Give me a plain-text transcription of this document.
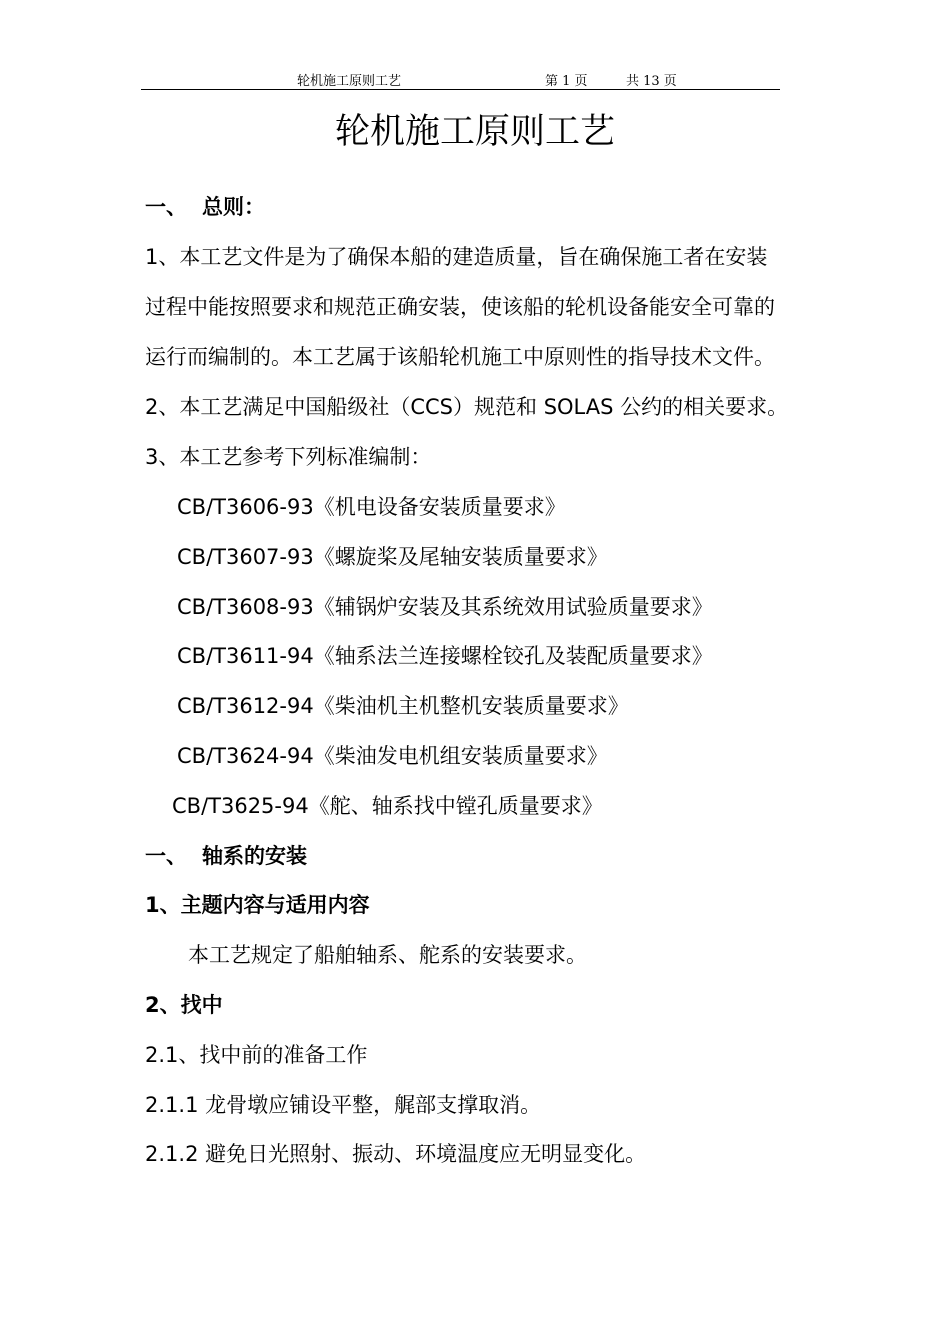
轮机施工原则工艺	第 1 页	共 13 页
轮机施工原则工艺
一、 总则：
1、本工艺文件是为了确保本船的建造质量，旨在确保施工者在安装
过程中能按照要求和规范正确安装，使该船的轮机设备能安全可靠的
运行而编制的。本工艺属于该船轮机施工中原则性的指导技术文件。
2、本工艺满足中国船级社（CCS）规范和 SOLAS 公约的相关要求。
3、本工艺参考下列标准编制：
CB/T3606-93《机电设备安装质量要求》
CB/T3607-93《螺旋桨及尾轴安装质量要求》
CB/T3608-93《辅锅炉安装及其系统效用试验质量要求》
CB/T3611-94《轴系法兰连接螺栓铰孔及装配质量要求》
CB/T3612-94《柴油机主机整机安装质量要求》
CB/T3624-94《柴油发电机组安装质量要求》
CB/T3625-94《舵、轴系找中镗孔质量要求》
一、 轴系的安装
1、主题内容与适用内容
本工艺规定了船舶轴系、舵系的安装要求。
2、找中
2.1、找中前的准备工作
2.1.1 龙骨墩应铺设平整，艉部支撑取消。
2.1.2 避免日光照射、振动、环境温度应无明显变化。
